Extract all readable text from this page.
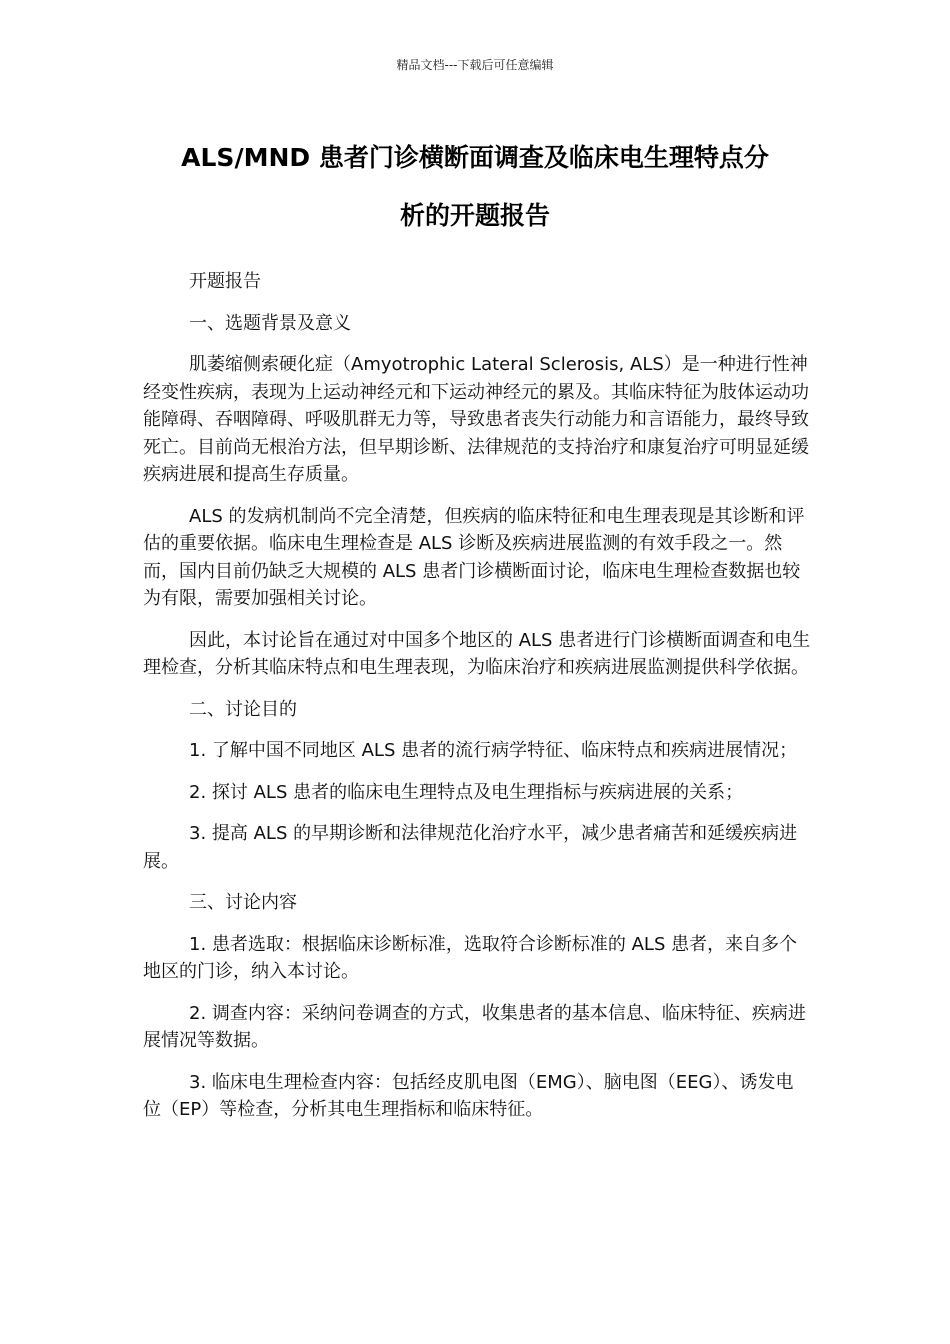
精品文档---下载后可任意编辑
ALS/MND 患者门诊横断面调查及临床电生理特点分
析的开题报告

开题报告

一、选题背景及意义

肌萎缩侧索硬化症（Amyotrophic Lateral Sclerosis, ALS）是一种进行性神经变性疾病，表现为上运动神经元和下运动神经元的累及。其临床特征为肢体运动功能障碍、吞咽障碍、呼吸肌群无力等，导致患者丧失行动能力和言语能力，最终导致死亡。目前尚无根治方法，但早期诊断、法律规范的支持治疗和康复治疗可明显延缓疾病进展和提高生存质量。

ALS 的发病机制尚不完全清楚，但疾病的临床特征和电生理表现是其诊断和评估的重要依据。临床电生理检查是 ALS 诊断及疾病进展监测的有效手段之一。然而，国内目前仍缺乏大规模的 ALS 患者门诊横断面讨论，临床电生理检查数据也较为有限，需要加强相关讨论。

因此，本讨论旨在通过对中国多个地区的 ALS 患者进行门诊横断面调查和电生理检查，分析其临床特点和电生理表现，为临床治疗和疾病进展监测提供科学依据。

二、讨论目的

1. 了解中国不同地区 ALS 患者的流行病学特征、临床特点和疾病进展情况；

2. 探讨 ALS 患者的临床电生理特点及电生理指标与疾病进展的关系；

3. 提高 ALS 的早期诊断和法律规范化治疗水平，减少患者痛苦和延缓疾病进展。

三、讨论内容

1. 患者选取：根据临床诊断标准，选取符合诊断标准的 ALS 患者，来自多个地区的门诊，纳入本讨论。

2. 调查内容：采纳问卷调查的方式，收集患者的基本信息、临床特征、疾病进展情况等数据。

3. 临床电生理检查内容：包括经皮肌电图（EMG）、脑电图（EEG）、诱发电位（EP）等检查，分析其电生理指标和临床特征。
